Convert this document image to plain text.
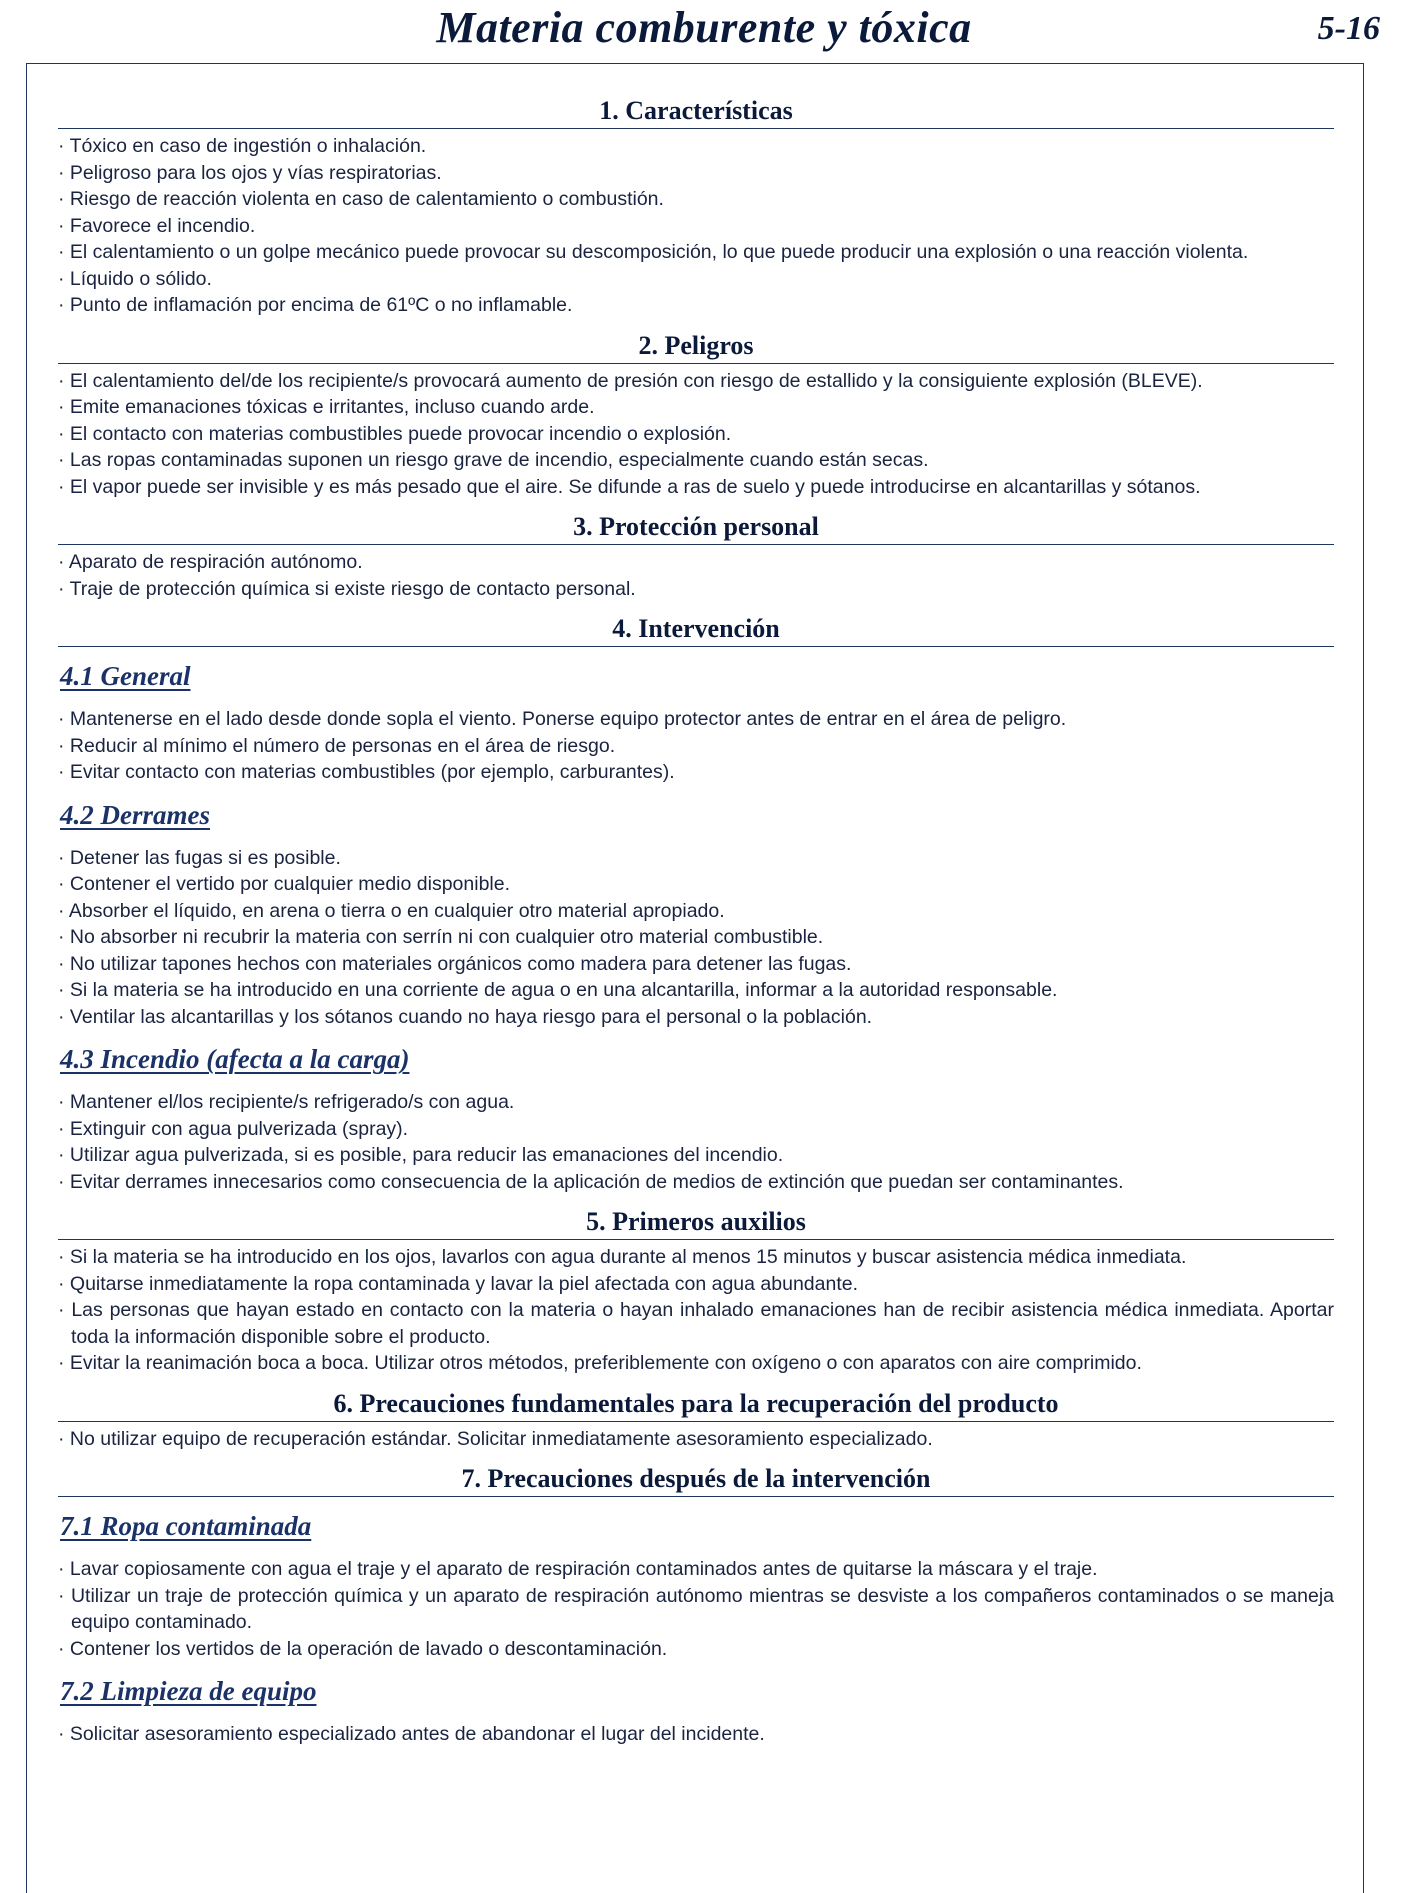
Materia comburente y tóxica	5-16
1. Características
· Tóxico en caso de ingestión o inhalación.
· Peligroso para los ojos y vías respiratorias.
· Riesgo de reacción violenta en caso de calentamiento o combustión.
· Favorece el incendio.
· El calentamiento o un golpe mecánico puede provocar su descomposición, lo que puede producir una explosión o una reacción violenta.
· Líquido o sólido.
· Punto de inflamación por encima de 61ºC o no inflamable.
2. Peligros
· El calentamiento del/de los recipiente/s provocará aumento de presión con riesgo de estallido y la consiguiente explosión (BLEVE).
· Emite emanaciones tóxicas e irritantes, incluso cuando arde.
· El contacto con materias combustibles puede provocar incendio o explosión.
· Las ropas contaminadas suponen un riesgo grave de incendio, especialmente cuando están secas.
· El vapor puede ser invisible y es más pesado que el aire. Se difunde a ras de suelo y puede introducirse en alcantarillas y sótanos.
3. Protección personal
· Aparato de respiración autónomo.
· Traje de protección química si existe riesgo de contacto personal.
4. Intervención
4.1 General
· Mantenerse en el lado desde donde sopla el viento. Ponerse equipo protector antes de entrar en el área de peligro.
· Reducir al mínimo el número de personas en el área de riesgo.
· Evitar contacto con materias combustibles (por ejemplo, carburantes).
4.2 Derrames
· Detener las fugas si es posible.
· Contener el vertido por cualquier medio disponible.
· Absorber el líquido, en arena o tierra o en cualquier otro material apropiado.
· No absorber ni recubrir la materia con serrín ni con cualquier otro material combustible.
· No utilizar tapones hechos con materiales orgánicos como madera para detener las fugas.
· Si la materia se ha introducido en una corriente de agua o en una alcantarilla, informar a la autoridad responsable.
· Ventilar las alcantarillas y los sótanos cuando no haya riesgo para el personal o la población.
4.3 Incendio (afecta a la carga)
· Mantener el/los recipiente/s refrigerado/s con agua.
· Extinguir con agua pulverizada (spray).
· Utilizar agua pulverizada, si es posible, para reducir las emanaciones del incendio.
· Evitar derrames innecesarios como consecuencia de la aplicación de medios de extinción que puedan ser contaminantes.
5. Primeros auxilios
· Si la materia se ha introducido en los ojos, lavarlos con agua durante al menos 15 minutos y buscar asistencia médica inmediata.
· Quitarse inmediatamente la ropa contaminada y lavar la piel afectada con agua abundante.
· Las personas que hayan estado en contacto con la materia o hayan inhalado emanaciones han de recibir asistencia médica inmediata. Aportar toda la información disponible sobre el producto.
· Evitar la reanimación boca a boca. Utilizar otros métodos, preferiblemente con oxígeno o con aparatos con aire comprimido.
6. Precauciones fundamentales para la recuperación del producto
· No utilizar equipo de recuperación estándar. Solicitar inmediatamente asesoramiento especializado.
7. Precauciones después de la intervención
7.1 Ropa contaminada
· Lavar copiosamente con agua el traje y el aparato de respiración contaminados antes de quitarse la máscara y el traje.
· Utilizar un traje de protección química y un aparato de respiración autónomo mientras se desviste a los compañeros contaminados o se maneja equipo contaminado.
· Contener los vertidos de la operación de lavado o descontaminación.
7.2 Limpieza de equipo
· Solicitar asesoramiento especializado antes de abandonar el lugar del incidente.
